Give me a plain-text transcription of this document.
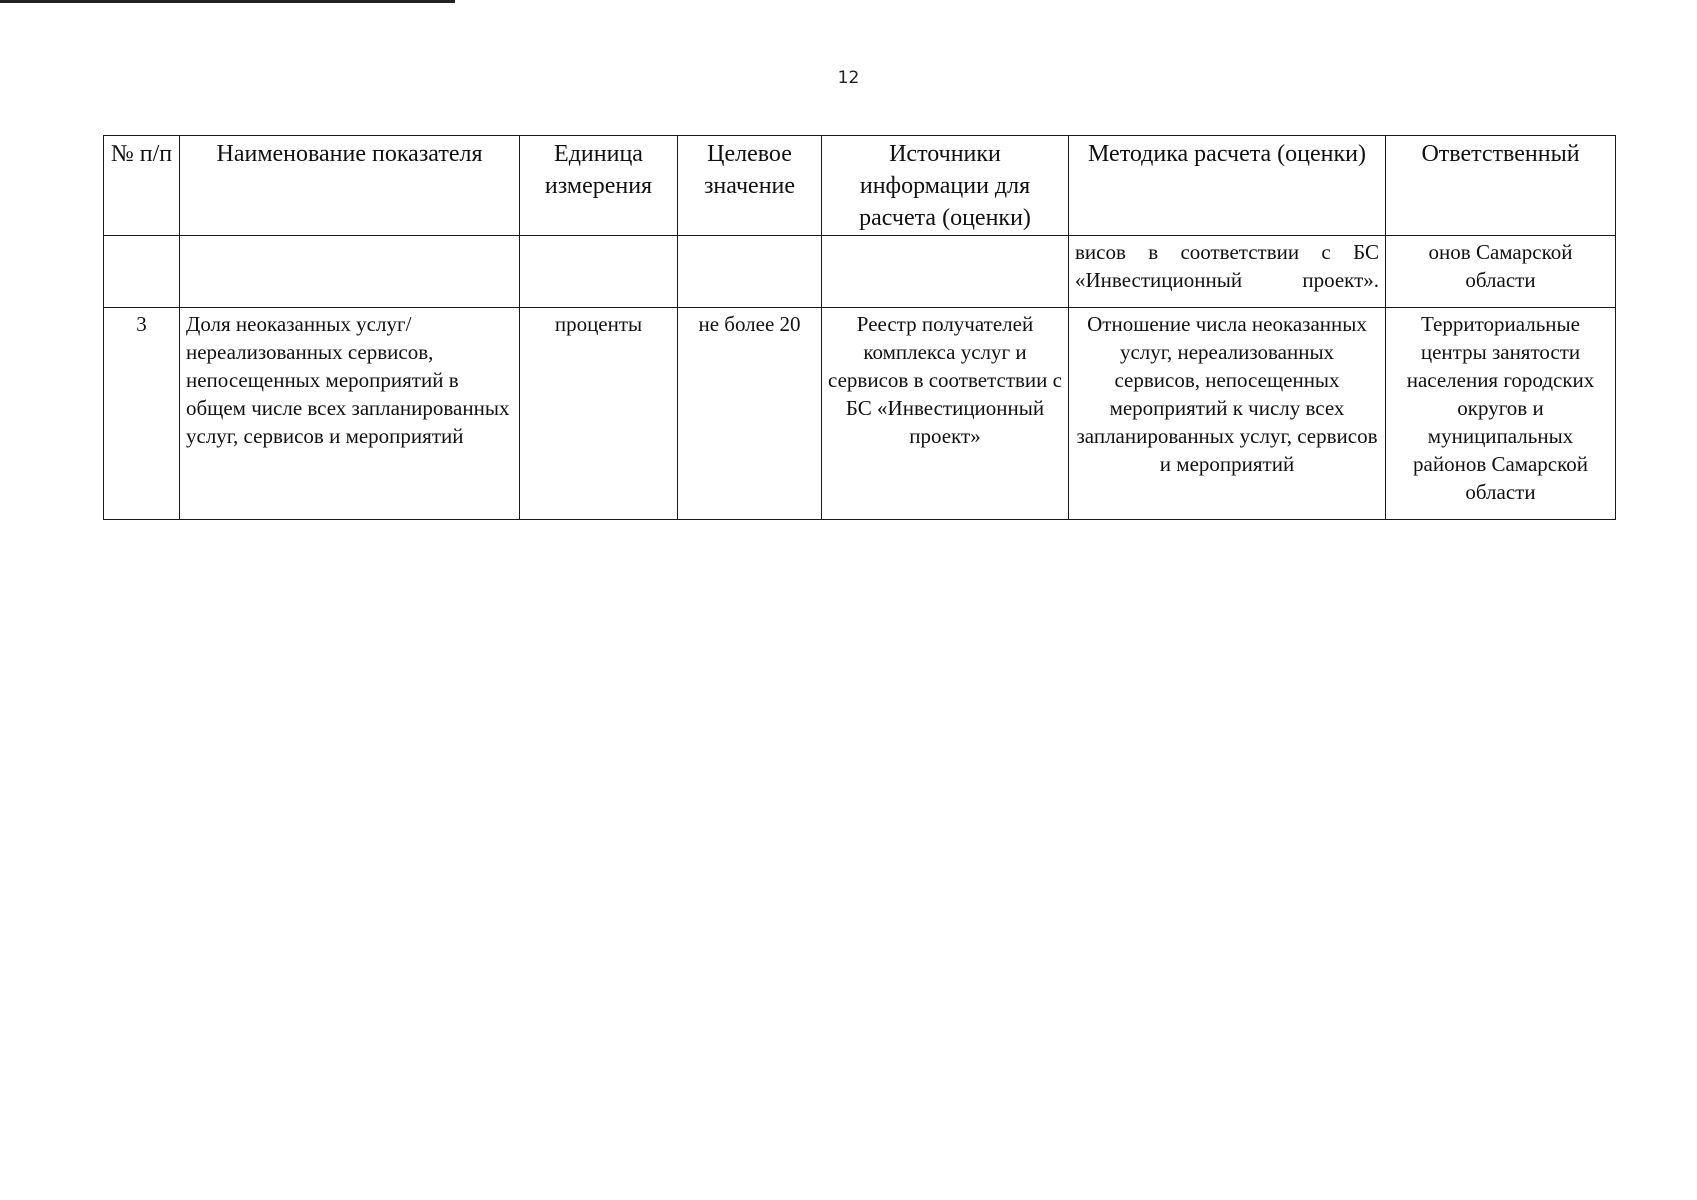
12
№ п/п	Наименование показателя	Единица измерения	Целевое значение	Источники информации для расчета (оценки)	Методика расчета (оценки)	Ответственный
					висов в соответствии с БС «Инвестиционный проект».	онов Самарской области
3	Доля неоказанных услуг/ нереализованных сервисов, непосещенных мероприятий в общем числе всех запланированных услуг, сервисов и мероприятий	проценты	не более 20	Реестр получателей комплекса услуг и сервисов в соответствии с БС «Инвестиционный проект»	Отношение числа неоказанных услуг, нереализованных сервисов, непосещенных мероприятий к числу всех запланированных услуг, сервисов и мероприятий	Территориальные центры занятости населения городских округов и муниципальных районов Самарской области
